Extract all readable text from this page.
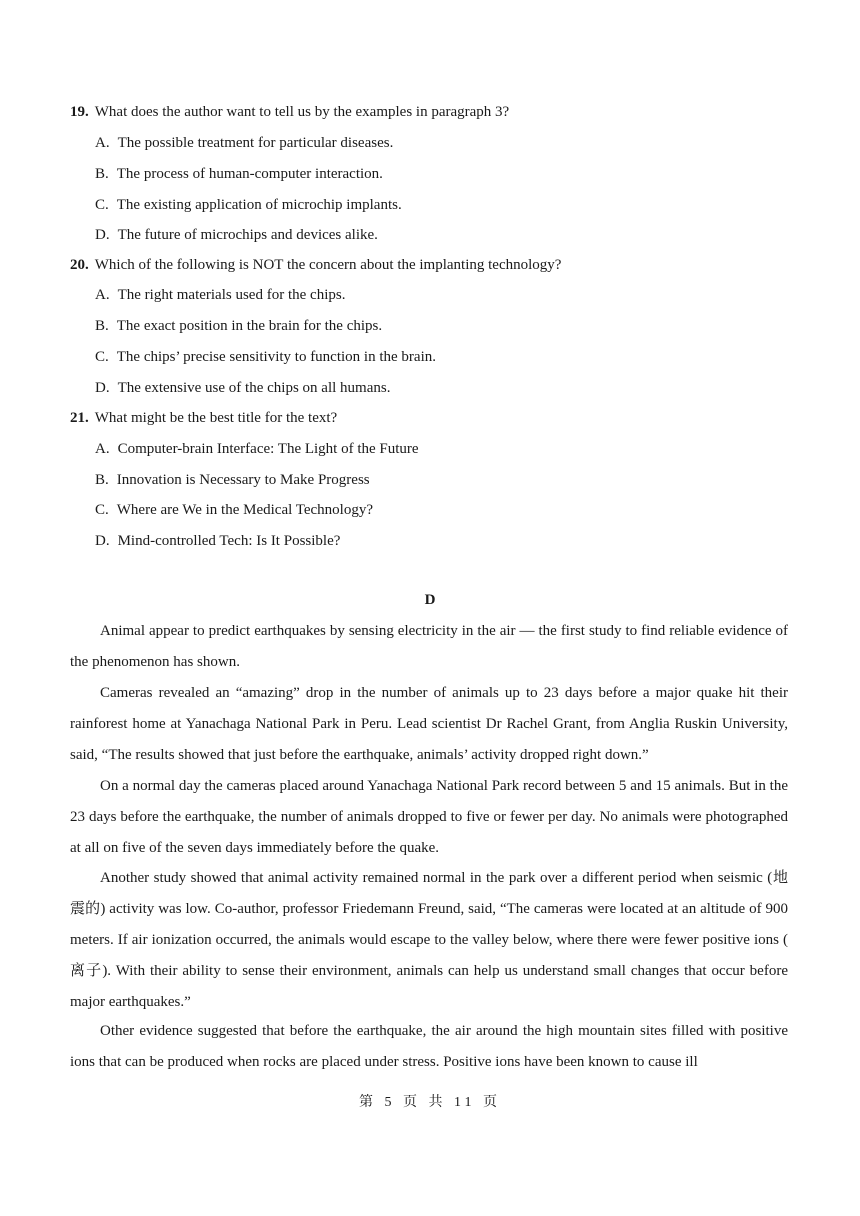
19. What does the author want to tell us by the examples in paragraph 3?
A. The possible treatment for particular diseases.
B. The process of human-computer interaction.
C. The existing application of microchip implants.
D. The future of microchips and devices alike.
20. Which of the following is NOT the concern about the implanting technology?
A. The right materials used for the chips.
B. The exact position in the brain for the chips.
C. The chips’ precise sensitivity to function in the brain.
D. The extensive use of the chips on all humans.
21. What might be the best title for the text?
A. Computer-brain Interface: The Light of the Future
B. Innovation is Necessary to Make Progress
C. Where are We in the Medical Technology?
D. Mind-controlled Tech: Is It Possible?
D
Animal appear to predict earthquakes by sensing electricity in the air — the first study to find reliable evidence of the phenomenon has shown.
Cameras revealed an “amazing” drop in the number of animals up to 23 days before a major quake hit their rainforest home at Yanachaga National Park in Peru. Lead scientist Dr Rachel Grant, from Anglia Ruskin University, said, “The results showed that just before the earthquake, animals’ activity dropped right down.”
On a normal day the cameras placed around Yanachaga National Park record between 5 and 15 animals. But in the 23 days before the earthquake, the number of animals dropped to five or fewer per day. No animals were photographed at all on five of the seven days immediately before the quake.
Another study showed that animal activity remained normal in the park over a different period when seismic (地震的) activity was low. Co-author, professor Friedemann Freund, said, “The cameras were located at an altitude of 900 meters. If air ionization occurred, the animals would escape to the valley below, where there were fewer positive ions ( 离子). With their ability to sense their environment, animals can help us understand small changes that occur before major earthquakes.”
Other evidence suggested that before the earthquake, the air around the high mountain sites filled with positive ions that can be produced when rocks are placed under stress. Positive ions have been known to cause ill
第 5 页 共 11 页
